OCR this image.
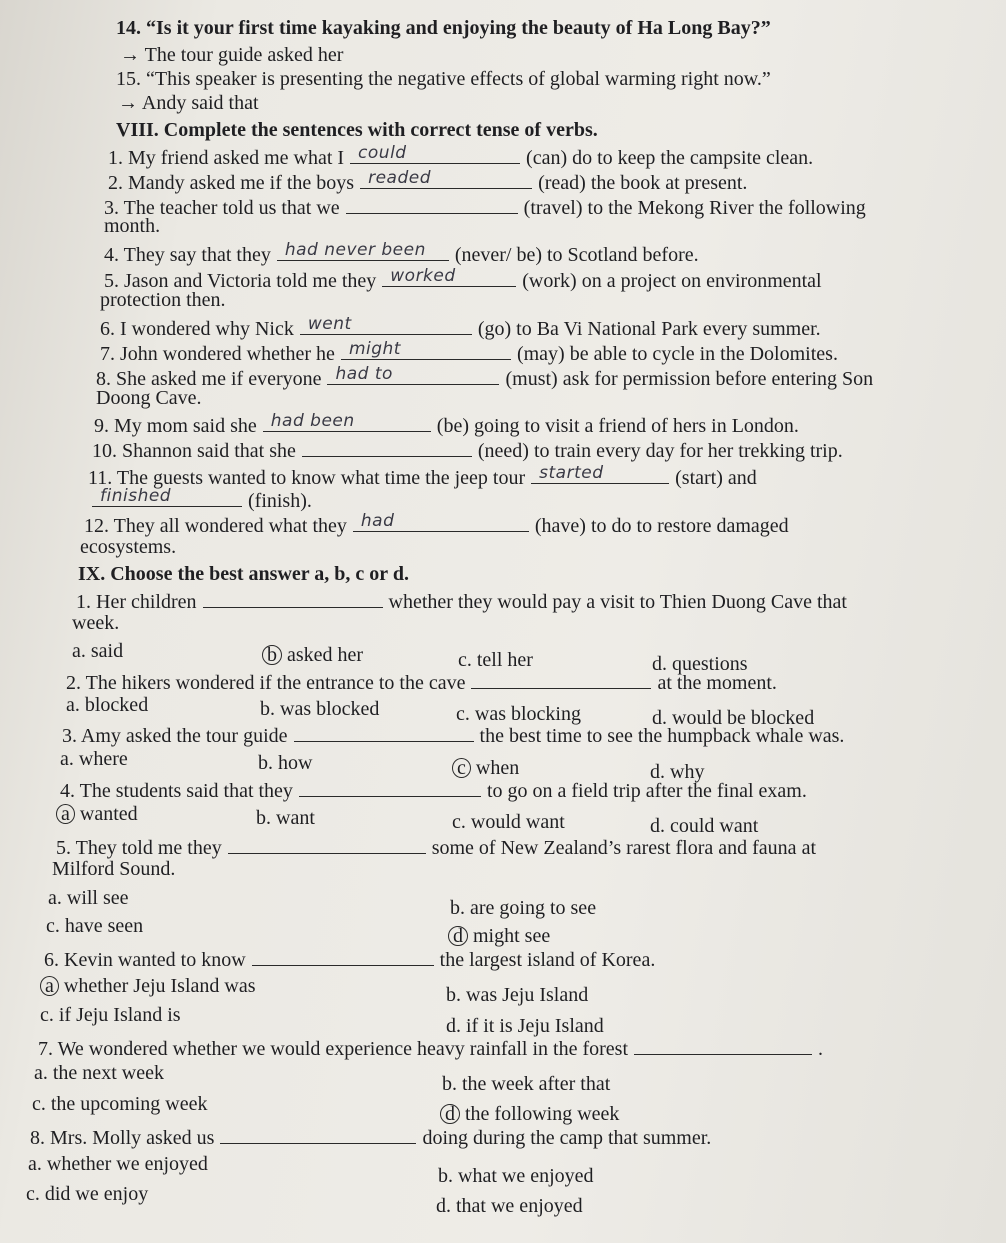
14. “Is it your first time kayaking and enjoying the beauty of Ha Long Bay?”
→ The tour guide asked her
15. “This speaker is presenting the negative effects of global warming right now.”
→ Andy said that
VIII. Complete the sentences with correct tense of verbs.
1. My friend asked me what I could	(can) do to keep the campsite clean.
2. Mandy asked me if the boys readed	(read) the book at present.
3. The teacher told us that we	(travel) to the Mekong River the following
month.
4. They say that they had never been (never/ be) to Scotland before.
5. Jason and Victoria told me they worked	(work) on a project on environmental
protection then.
6. I wondered why Nick went	(go) to Ba Vi National Park every summer.
7. John wondered whether he might	(may) be able to cycle in the Dolomites.
8. She asked me if everyone had to	(must) ask for permission before entering Son
Doong Cave.
9. My mom said she had been	(be) going to visit a friend of hers in London.
10. Shannon said that she	(need) to train every day for her trekking trip.
11. The guests wanted to know what time the jeep tour started	(start) and
finished	(finish).
12. They all wondered what they had	(have) to do to restore damaged
ecosystems.
IX. Choose the best answer a, b, c or d.
1. Her children	whether they would pay a visit to Thien Duong Cave that
week.
a. said	b asked her	c. tell her	d. questions
2. The hikers wondered if the entrance to the cave	at the moment.
a. blocked	b. was blocked	c. was blocking	d. would be blocked
3. Amy asked the tour guide	the best time to see the humpback whale was.
a. where	b. how	c when	d. why
4. The students said that they	to go on a field trip after the final exam.
a wanted	b. want	c. would want	d. could want
5. They told me they	some of New Zealand’s rarest flora and fauna at
Milford Sound.
a. will see	b. are going to see
c. have seen	d might see
6. Kevin wanted to know	the largest island of Korea.
a whether Jeju Island was	b. was Jeju Island
c. if Jeju Island is	d. if it is Jeju Island
7. We wondered whether we would experience heavy rainfall in the forest	.
a. the next week	b. the week after that
c. the upcoming week	d the following week
8. Mrs. Molly asked us	doing during the camp that summer.
a. whether we enjoyed
b. what we enjoyed
c. did we enjoy
d. that we enjoyed
